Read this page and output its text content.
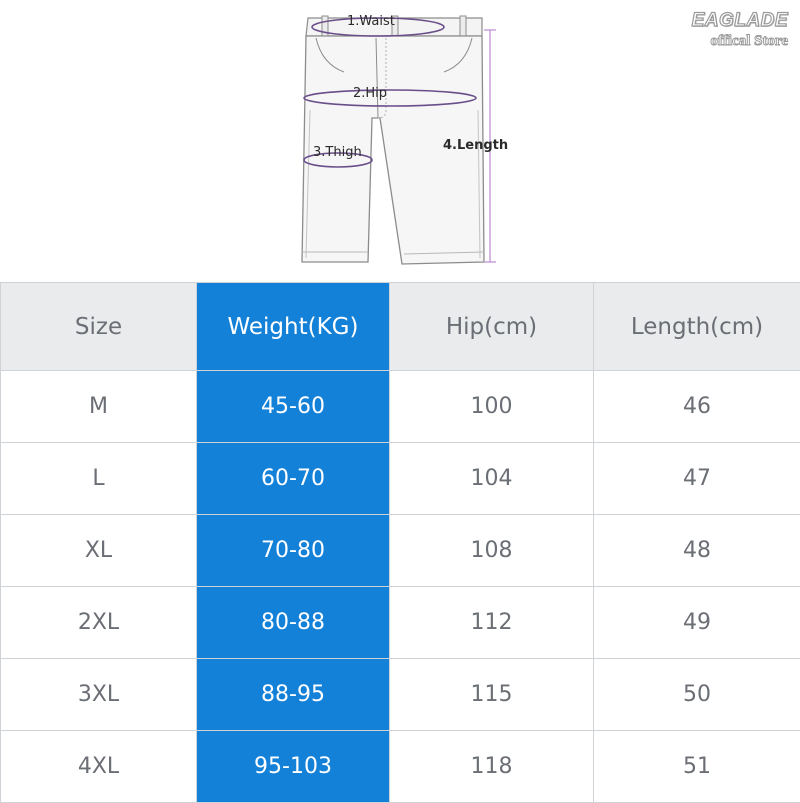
1.Waist
2.Hip
3.Thigh	4.Length
EAGLADE
offical Store
Size	Weight(KG)	Hip(cm)	Length(cm)
M	45-60	100	46
L	60-70	104	47
XL	70-80	108	48
2XL	80-88	112	49
3XL	88-95	115	50
4XL	95-103	118	51
